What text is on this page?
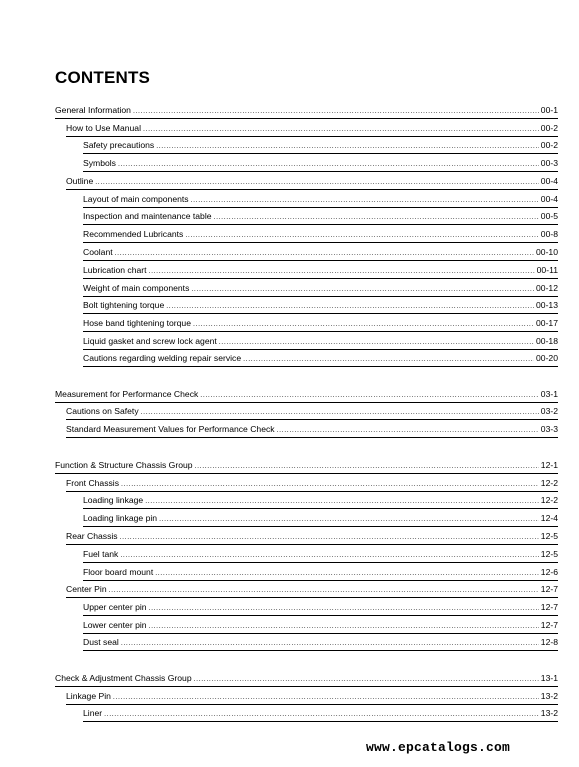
CONTENTS
General Information .....	00-1
How to Use Manual .....	00-2
Safety precautions .....	00-2
Symbols .....	00-3
Outline .....	00-4
Layout of main components .....	00-4
Inspection and maintenance table .....	00-5
Recommended Lubricants .....	00-8
Coolant .....	00-10
Lubrication chart .....	00-11
Weight of main components .....	00-12
Bolt tightening torque .....	00-13
Hose band tightening torque .....	00-17
Liquid gasket and screw lock agent .....	00-18
Cautions regarding welding repair service .....	00-20
Measurement for Performance Check .....	03-1
Cautions on Safety .....	03-2
Standard Measurement Values for Performance Check .....	03-3
Function & Structure Chassis Group .....	12-1
Front Chassis .....	12-2
Loading linkage .....	12-2
Loading linkage pin .....	12-4
Rear Chassis .....	12-5
Fuel tank .....	12-5
Floor board mount .....	12-6
Center Pin .....	12-7
Upper center pin .....	12-7
Lower center pin .....	12-7
Dust seal .....	12-8
Check & Adjustment Chassis Group .....	13-1
Linkage Pin .....	13-2
Liner .....	13-2
www.epcatalogs.com
